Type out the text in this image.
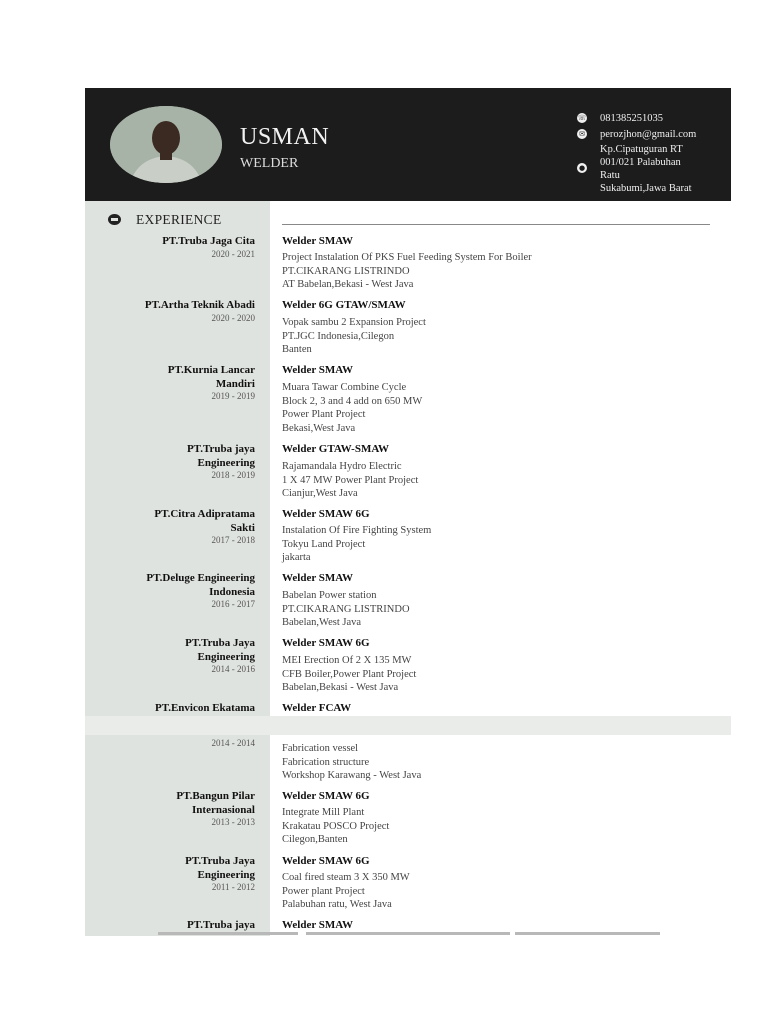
USMAN
WELDER
☏ 081385251035
✉ perozjhon@gmail.com
●
Kp.Cipatuguran RT
001/021 Palabuhan
Ratu
Sukabumi,Jawa Barat
EXPERIENCE
PT.Truba Jaga Cita
2020 - 2021
Welder SMAW
Project Instalation Of PKS Fuel Feeding System For Boiler
PT.CIKARANG LISTRINDO
AT Babelan,Bekasi - West Java
PT.Artha Teknik Abadi
2020 - 2020
Welder 6G GTAW/SMAW
Vopak sambu 2 Expansion Project
PT.JGC Indonesia,Cilegon
Banten
PT.Kurnia Lancar
Mandiri
2019 - 2019
Welder SMAW
Muara Tawar Combine Cycle
Block 2, 3 and 4 add on 650 MW
Power Plant Project
Bekasi,West Java
PT.Truba jaya
Engineering
2018 - 2019
Welder GTAW-SMAW
Rajamandala Hydro Electric
1 X 47 MW Power Plant Project
Cianjur,West Java
PT.Citra Adipratama
Sakti
2017 - 2018
Welder SMAW 6G
Instalation Of Fire Fighting System
Tokyu Land Project
jakarta
PT.Deluge Engineering
Indonesia
2016 - 2017
Welder SMAW
Babelan Power station
PT.CIKARANG LISTRINDO
Babelan,West Java
PT.Truba Jaya
Engineering
2014 - 2016
Welder SMAW 6G
MEI Erection Of 2 X 135 MW
CFB Boiler,Power Plant Project
Babelan,Bekasi - West Java
PT.Envicon Ekatama Welder FCAW
2014 - 2014	Fabrication vessel
Fabrication structure
Workshop Karawang - West Java
PT.Bangun Pilar
Internasional
2013 - 2013
Welder SMAW 6G
Integrate Mill Plant
Krakatau POSCO Project
Cilegon,Banten
PT.Truba Jaya
Engineering
2011 - 2012
Welder SMAW 6G
Coal fired steam 3 X 350 MW
Power plant Project
Palabuhan ratu, West Java
PT.Truba jaya Welder SMAW
